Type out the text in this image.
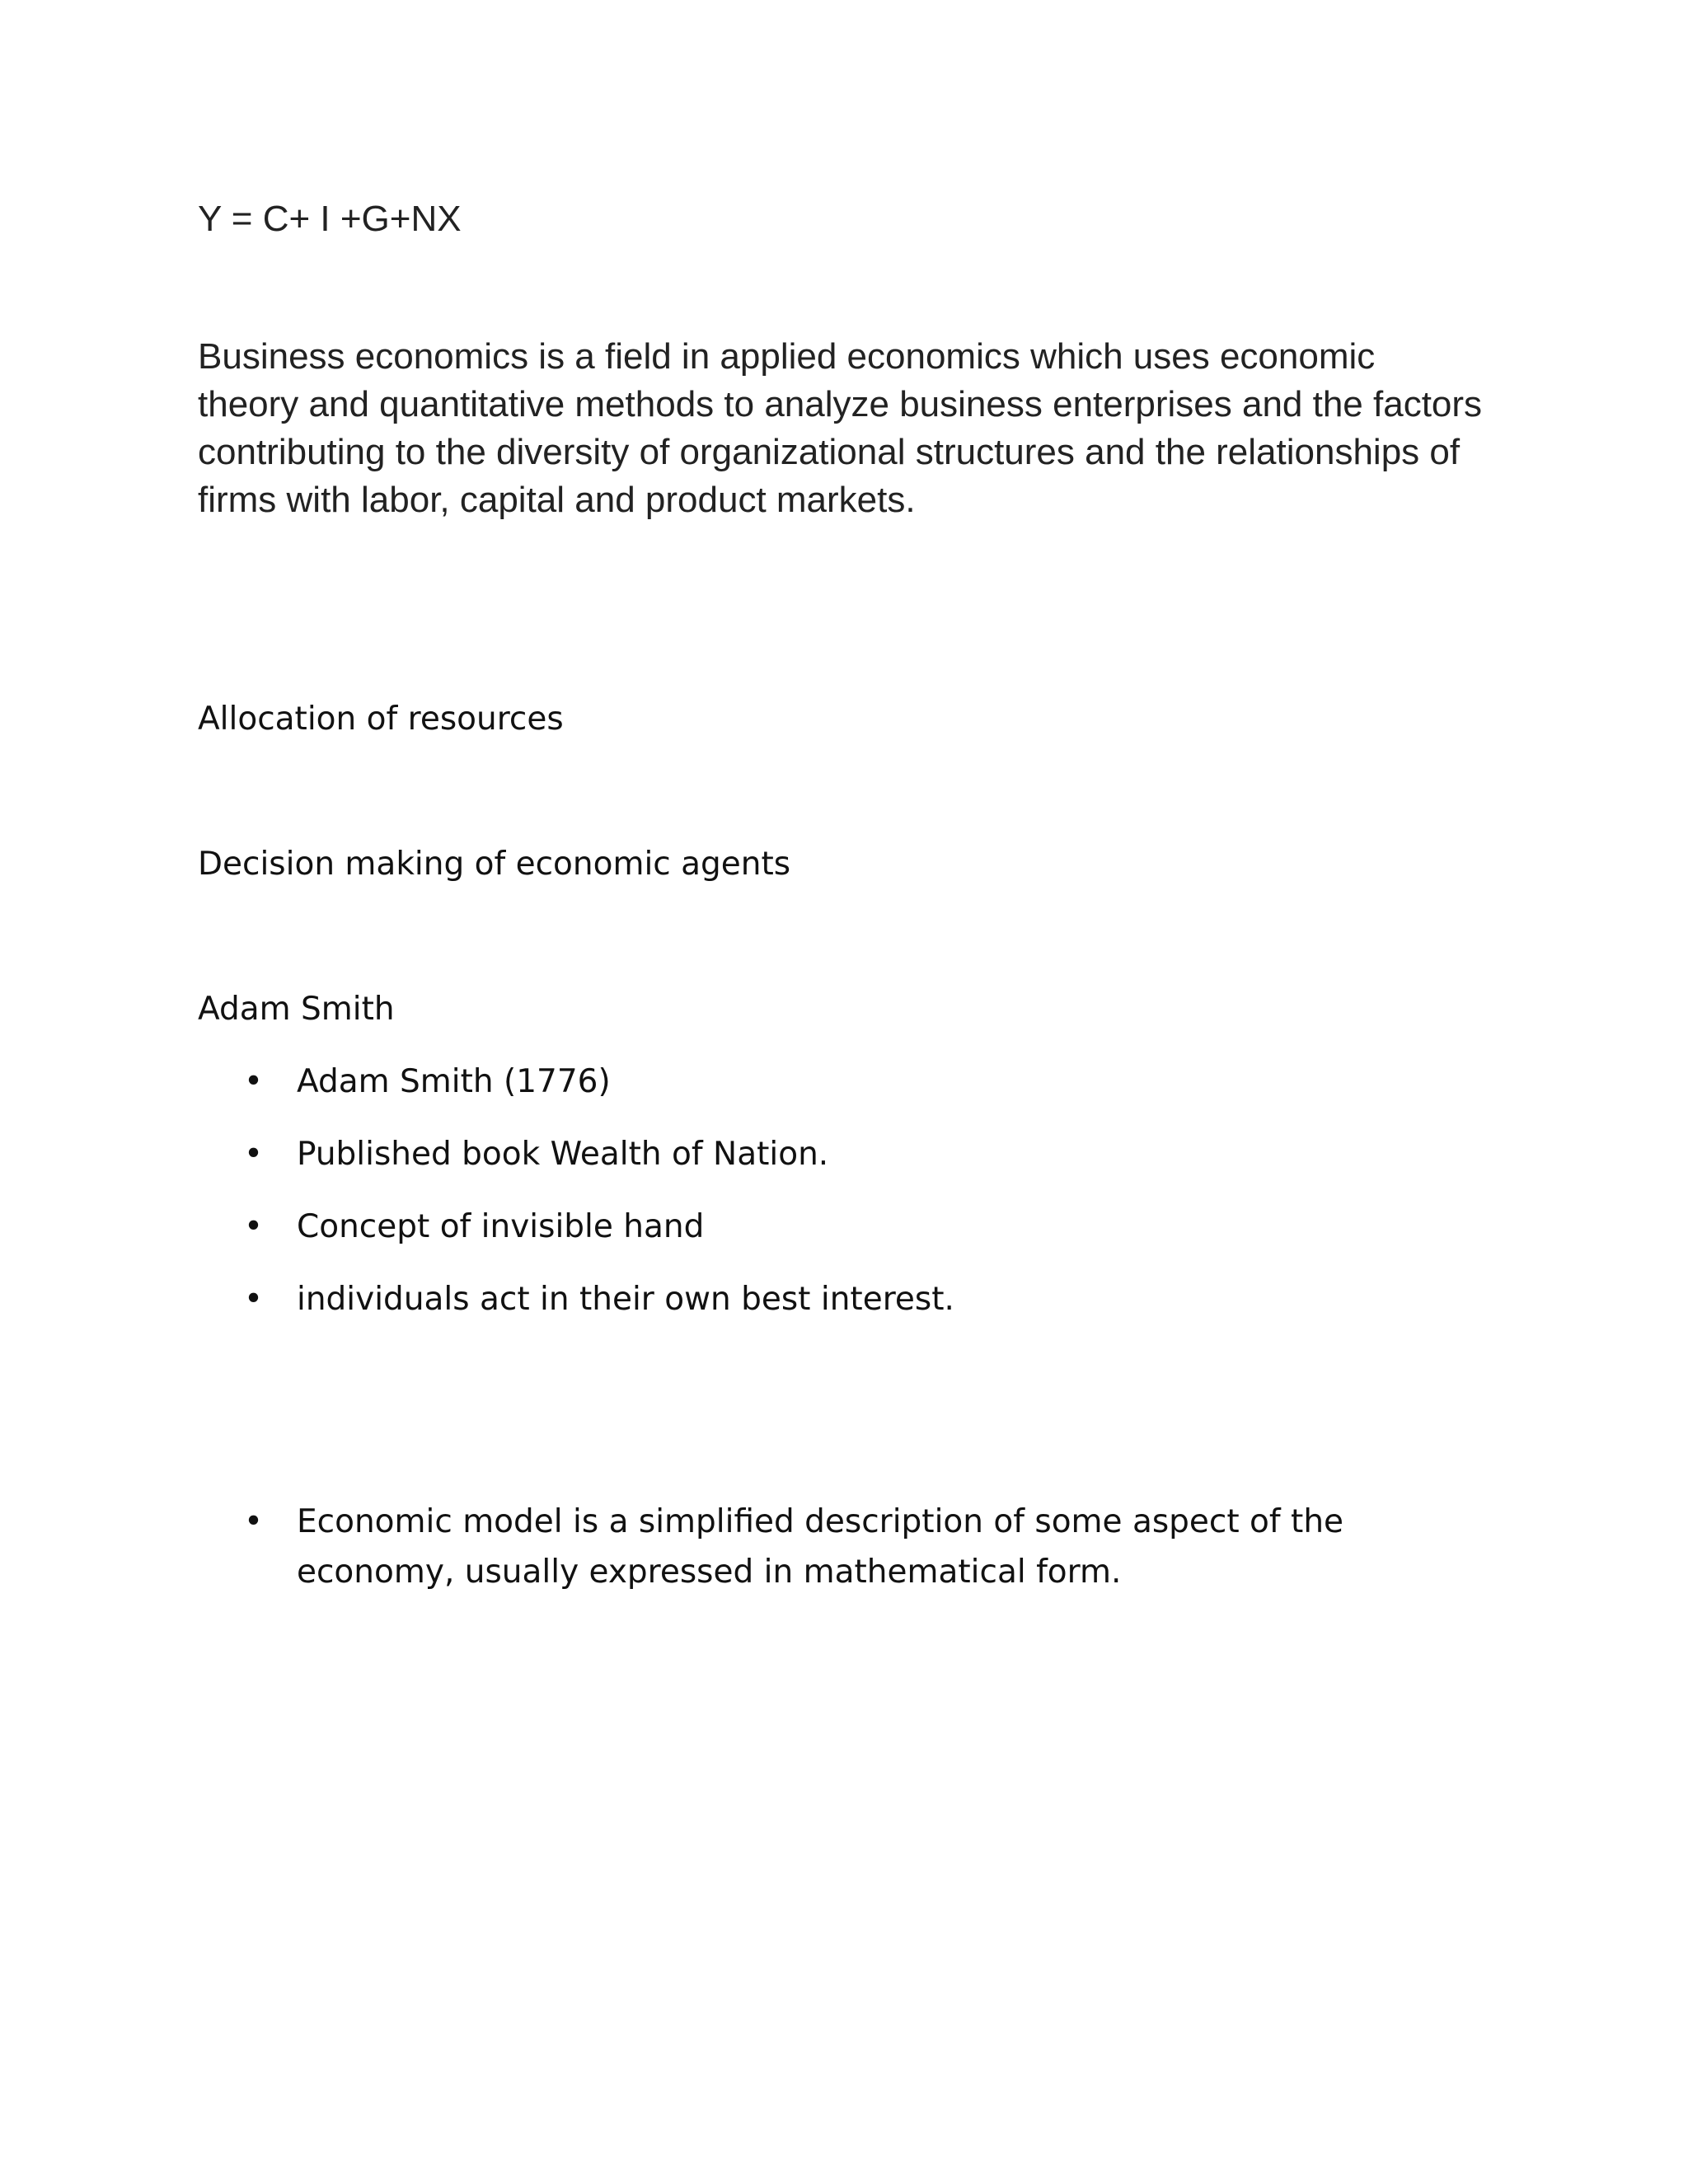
Y = C+ I +G+NX

Business economics is a field in applied economics which uses economic theory and quantitative methods to analyze business enterprises and the factors contributing to the diversity of organizational structures and the relationships of firms with labor, capital and product markets.

Allocation of resources

Decision making of economic agents

Adam Smith

• Adam Smith (1776)
• Published book Wealth of Nation.
• Concept of invisible hand
• individuals act in their own best interest.
• Economic model is a simplified description of some aspect of the economy, usually expressed in mathematical form.
